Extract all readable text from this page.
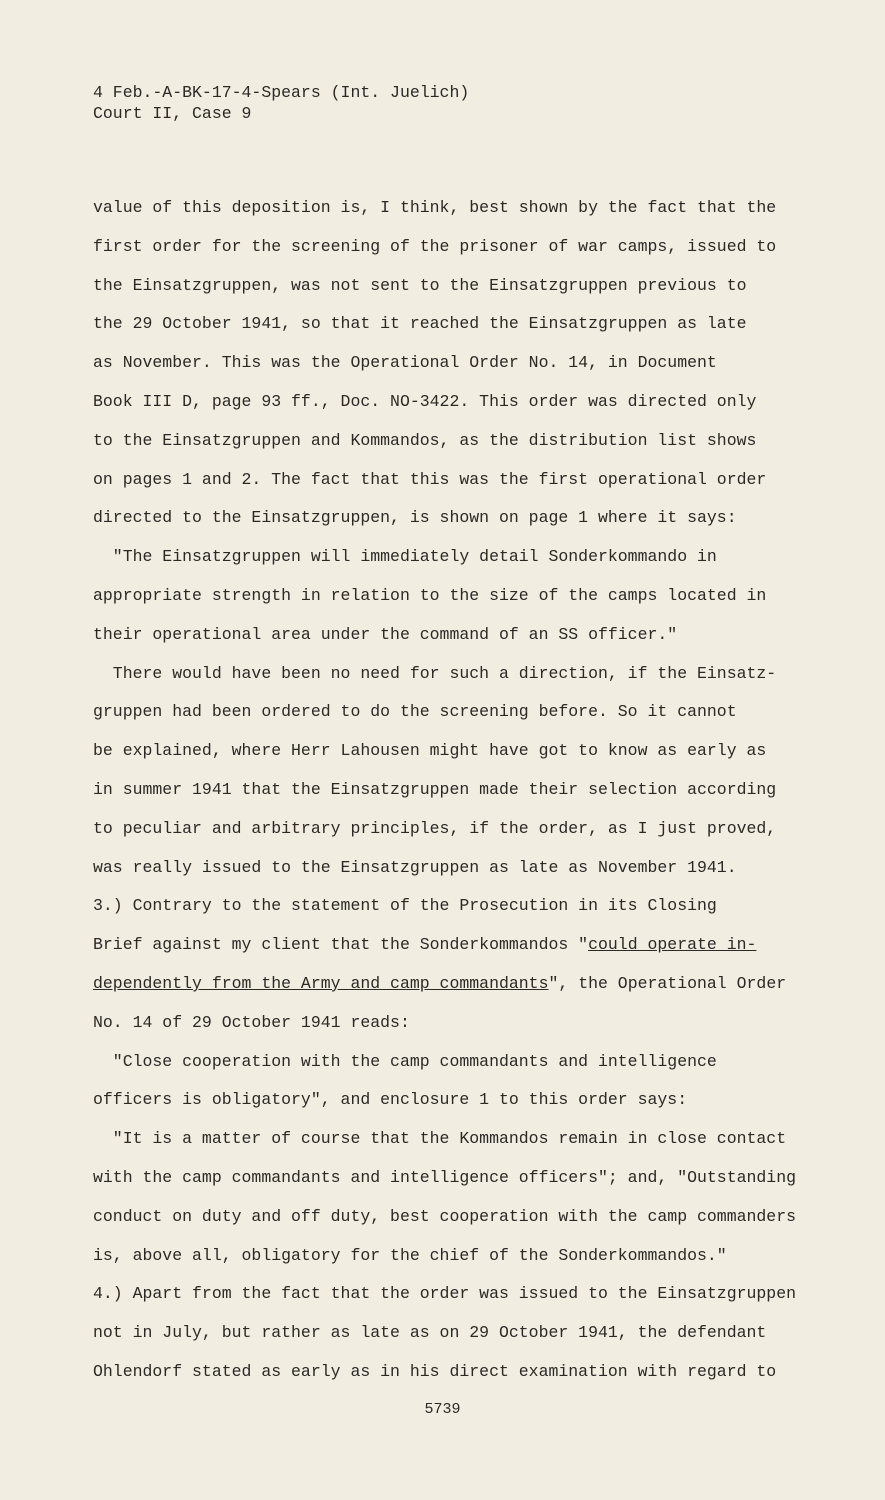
4 Feb.-A-BK-17-4-Spears (Int. Juelich)
Court II, Case 9
value of this deposition is, I think, best shown by the fact that the
first order for the screening of the prisoner of war camps, issued to
the Einsatzgruppen, was not sent to the Einsatzgruppen previous to
the 29 October 1941, so that it reached the Einsatzgruppen as late
as November. This was the Operational Order No. 14, in Document
Book III D, page 93 ff., Doc. NO-3422. This order was directed only
to the Einsatzgruppen and Kommandos, as the distribution list shows
on pages 1 and 2. The fact that this was the first operational order
directed to the Einsatzgruppen, is shown on page 1 where it says:
"The Einsatzgruppen will immediately detail Sonderkommando in
appropriate strength in relation to the size of the camps located in
their operational area under the command of an SS officer."
There would have been no need for such a direction, if the Einsatz-
gruppen had been ordered to do the screening before. So it cannot
be explained, where Herr Lahousen might have got to know as early as
in summer 1941 that the Einsatzgruppen made their selection according
to peculiar and arbitrary principles, if the order, as I just proved,
was really issued to the Einsatzgruppen as late as November 1941.
3.) Contrary to the statement of the Prosecution in its Closing
Brief against my client that the Sonderkommandos "could operate in-
dependently from the Army and camp commandants", the Operational Order
No. 14 of 29 October 1941 reads:
"Close cooperation with the camp commandants and intelligence
officers is obligatory", and enclosure 1 to this order says:
"It is a matter of course that the Kommandos remain in close contact
with the camp commandants and intelligence officers"; and, "Outstanding
conduct on duty and off duty, best cooperation with the camp commanders
is, above all, obligatory for the chief of the Sonderkommandos."
4.) Apart from the fact that the order was issued to the Einsatzgruppen
not in July, but rather as late as on 29 October 1941, the defendant
Ohlendorf stated as early as in his direct examination with regard to
5739
